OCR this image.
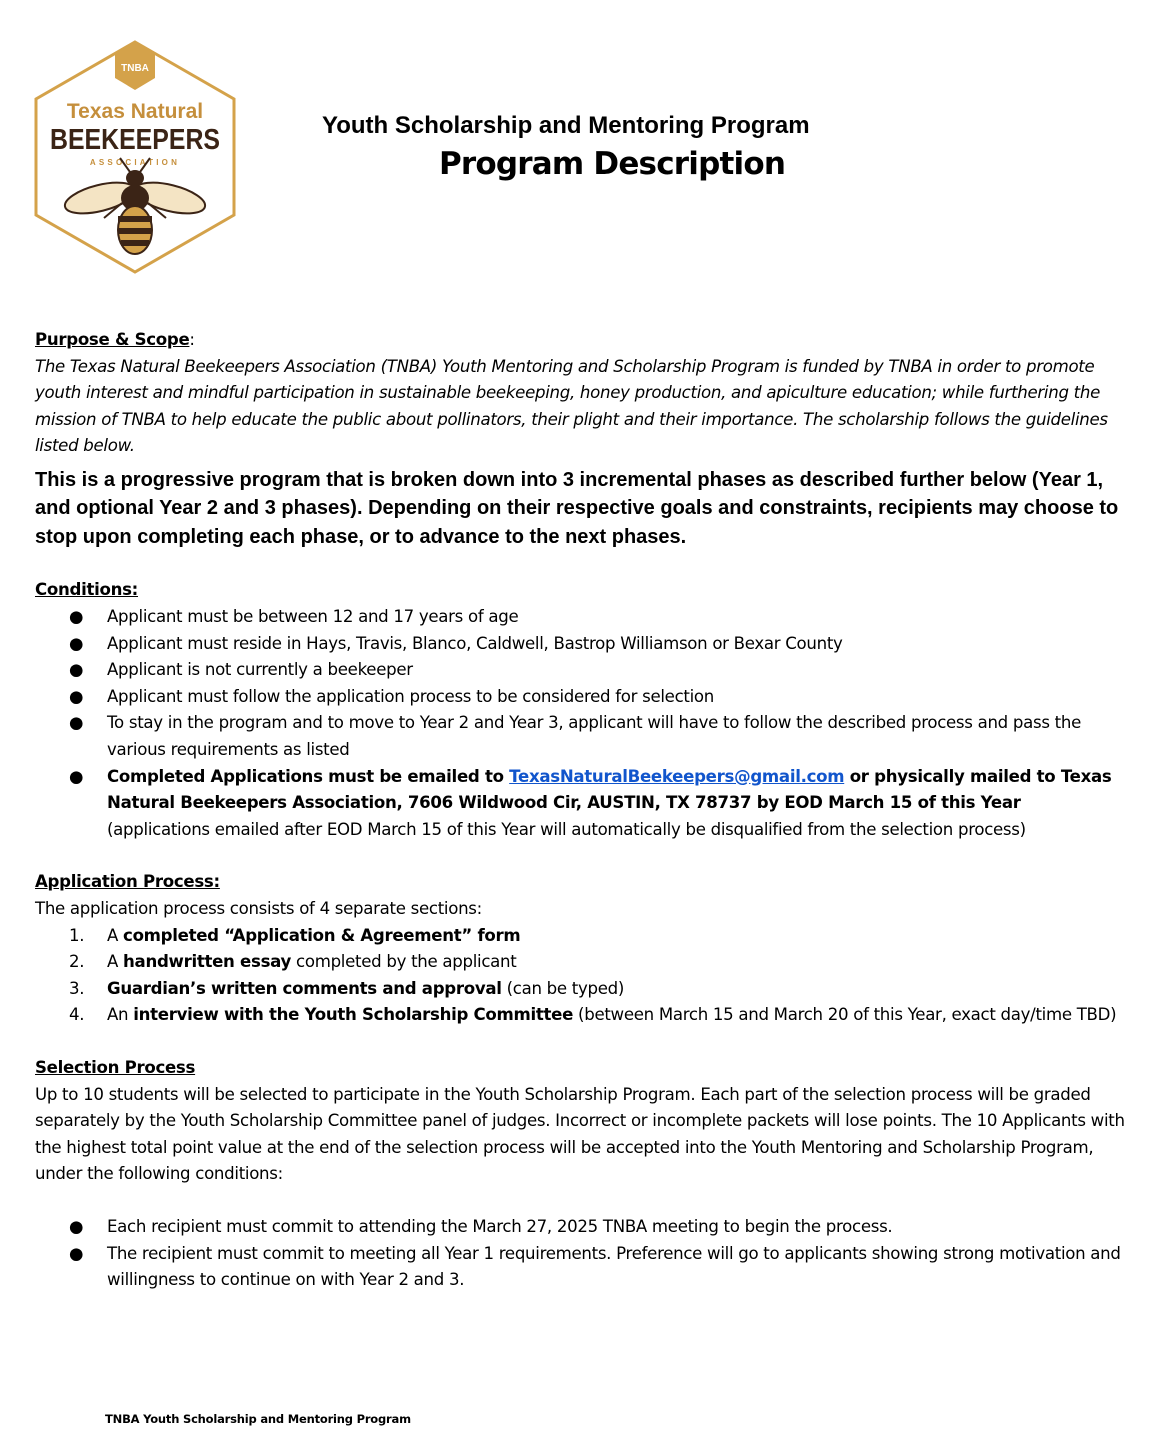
TNBA
Texas Natural
BEEKEEPERS
ASSOCIATION
Youth Scholarship and Mentoring Program
Program Description
Purpose & Scope:
The Texas Natural Beekeepers Association (TNBA) Youth Mentoring and Scholarship Program is funded by TNBA in order to promote youth interest and mindful participation in sustainable beekeeping, honey production, and apiculture education; while furthering the mission of TNBA to help educate the public about pollinators, their plight and their importance. The scholarship follows the guidelines listed below.
This is a progressive program that is broken down into 3 incremental phases as described further below (Year 1, and optional Year 2 and 3 phases). Depending on their respective goals and constraints, recipients may choose to stop upon completing each phase, or to advance to the next phases.
Conditions:
● Applicant must be between 12 and 17 years of age
● Applicant must reside in Hays, Travis, Blanco, Caldwell, Bastrop Williamson or Bexar County
● Applicant is not currently a beekeeper
● Applicant must follow the application process to be considered for selection
● To stay in the program and to move to Year 2 and Year 3, applicant will have to follow the described process and pass the various requirements as listed
● Completed Applications must be emailed to TexasNaturalBeekeepers@gmail.com or physically mailed to Texas Natural Beekeepers Association, 7606 Wildwood Cir, AUSTIN, TX 78737 by EOD March 15 of this Year (applications emailed after EOD March 15 of this Year will automatically be disqualified from the selection process)
Application Process:
The application process consists of 4 separate sections:
1. A completed “Application & Agreement” form
2. A handwritten essay completed by the applicant
3. Guardian’s written comments and approval (can be typed)
4. An interview with the Youth Scholarship Committee (between March 15 and March 20 of this Year, exact day/time TBD)
Selection Process
Up to 10 students will be selected to participate in the Youth Scholarship Program. Each part of the selection process will be graded separately by the Youth Scholarship Committee panel of judges. Incorrect or incomplete packets will lose points. The 10 Applicants with the highest total point value at the end of the selection process will be accepted into the Youth Mentoring and Scholarship Program, under the following conditions:
● Each recipient must commit to attending the March 27, 2025 TNBA meeting to begin the process.
● The recipient must commit to meeting all Year 1 requirements. Preference will go to applicants showing strong motivation and willingness to continue on with Year 2 and 3.
TNBA Youth Scholarship and Mentoring Program
